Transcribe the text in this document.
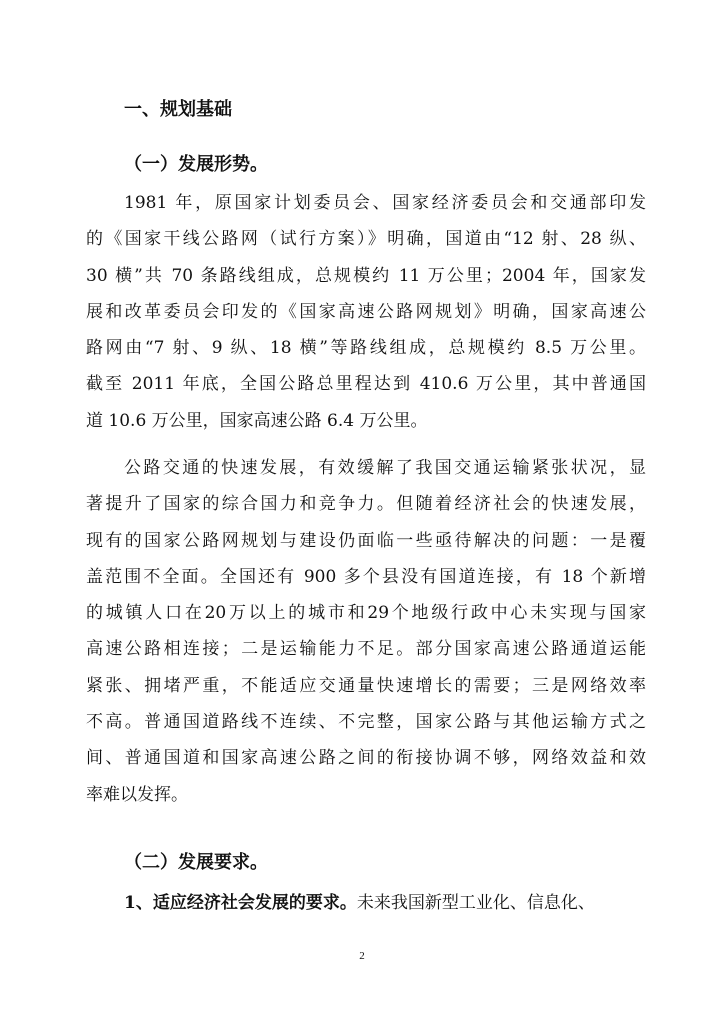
一、规划基础
（一）发展形势。
1981 年，原国家计划委员会、国家经济委员会和交通部印发
的《国家干线公路网（试行方案）》明确，国道由“12 射、28 纵、
30 横”共 70 条路线组成，总规模约 11 万公里；2004 年，国家发
展和改革委员会印发的《国家高速公路网规划》明确，国家高速公
路网由“7 射、9 纵、18 横”等路线组成，总规模约 8.5 万公里。
截至 2011 年底，全国公路总里程达到 410.6 万公里，其中普通国
道 10.6 万公里，国家高速公路 6.4 万公里。
公路交通的快速发展，有效缓解了我国交通运输紧张状况，显
著提升了国家的综合国力和竞争力。但随着经济社会的快速发展，
现有的国家公路网规划与建设仍面临一些亟待解决的问题：一是覆
盖范围不全面。全国还有 900 多个县没有国道连接，有 18 个新增
的城镇人口在20万以上的城市和29个地级行政中心未实现与国家
高速公路相连接；二是运输能力不足。部分国家高速公路通道运能
紧张、拥堵严重，不能适应交通量快速增长的需要；三是网络效率
不高。普通国道路线不连续、不完整，国家公路与其他运输方式之
间、普通国道和国家高速公路之间的衔接协调不够，网络效益和效
率难以发挥。
（二）发展要求。
1、适应经济社会发展的要求。未来我国新型工业化、信息化、
2
